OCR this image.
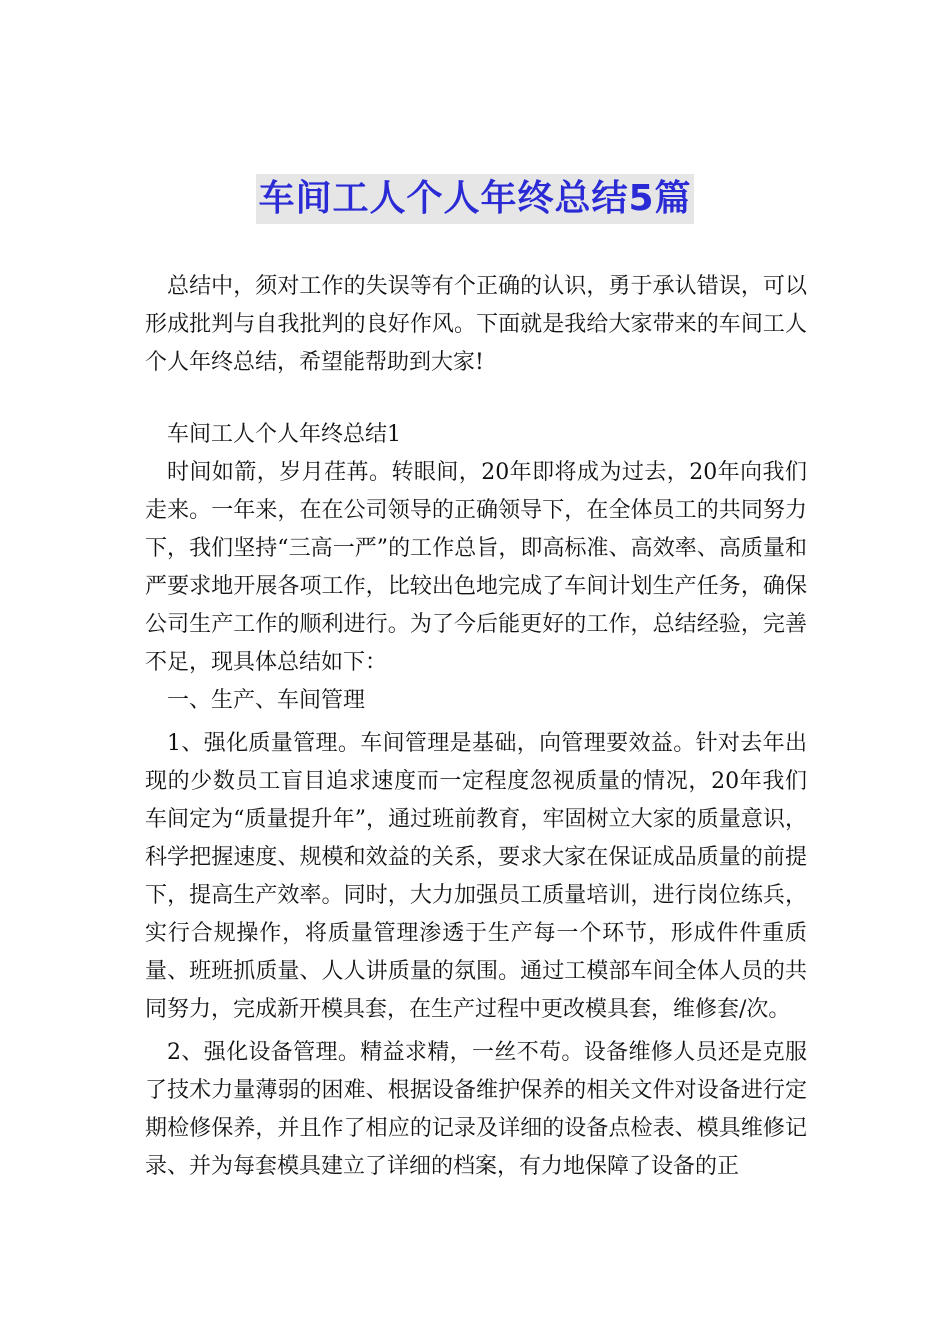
车间工人个人年终总结5篇

总结中，须对工作的失误等有个正确的认识，勇于承认错误，可以形成批判与自我批判的良好作风。下面就是我给大家带来的车间工人个人年终总结，希望能帮助到大家!

车间工人个人年终总结1

时间如箭，岁月荏苒。转眼间，20年即将成为过去，20年向我们走来。一年来，在在公司领导的正确领导下，在全体员工的共同努力下，我们坚持“三高一严”的工作总旨，即高标准、高效率、高质量和严要求地开展各项工作，比较出色地完成了车间计划生产任务，确保公司生产工作的顺利进行。为了今后能更好的工作，总结经验，完善不足，现具体总结如下：

一、生产、车间管理

1、强化质量管理。车间管理是基础，向管理要效益。针对去年出现的少数员工盲目追求速度而一定程度忽视质量的情况，20年我们车间定为“质量提升年”，通过班前教育，牢固树立大家的质量意识，科学把握速度、规模和效益的关系，要求大家在保证成品质量的前提下，提高生产效率。同时，大力加强员工质量培训，进行岗位练兵，实行合规操作，将质量管理渗透于生产每一个环节，形成件件重质量、班班抓质量、人人讲质量的氛围。通过工模部车间全体人员的共同努力，完成新开模具套，在生产过程中更改模具套，维修套/次。

2、强化设备管理。精益求精，一丝不苟。设备维修人员还是克服了技术力量薄弱的困难、根据设备维护保养的相关文件对设备进行定期检修保养，并且作了相应的记录及详细的设备点检表、模具维修记录、并为每套模具建立了详细的档案，有力地保障了设备的正
